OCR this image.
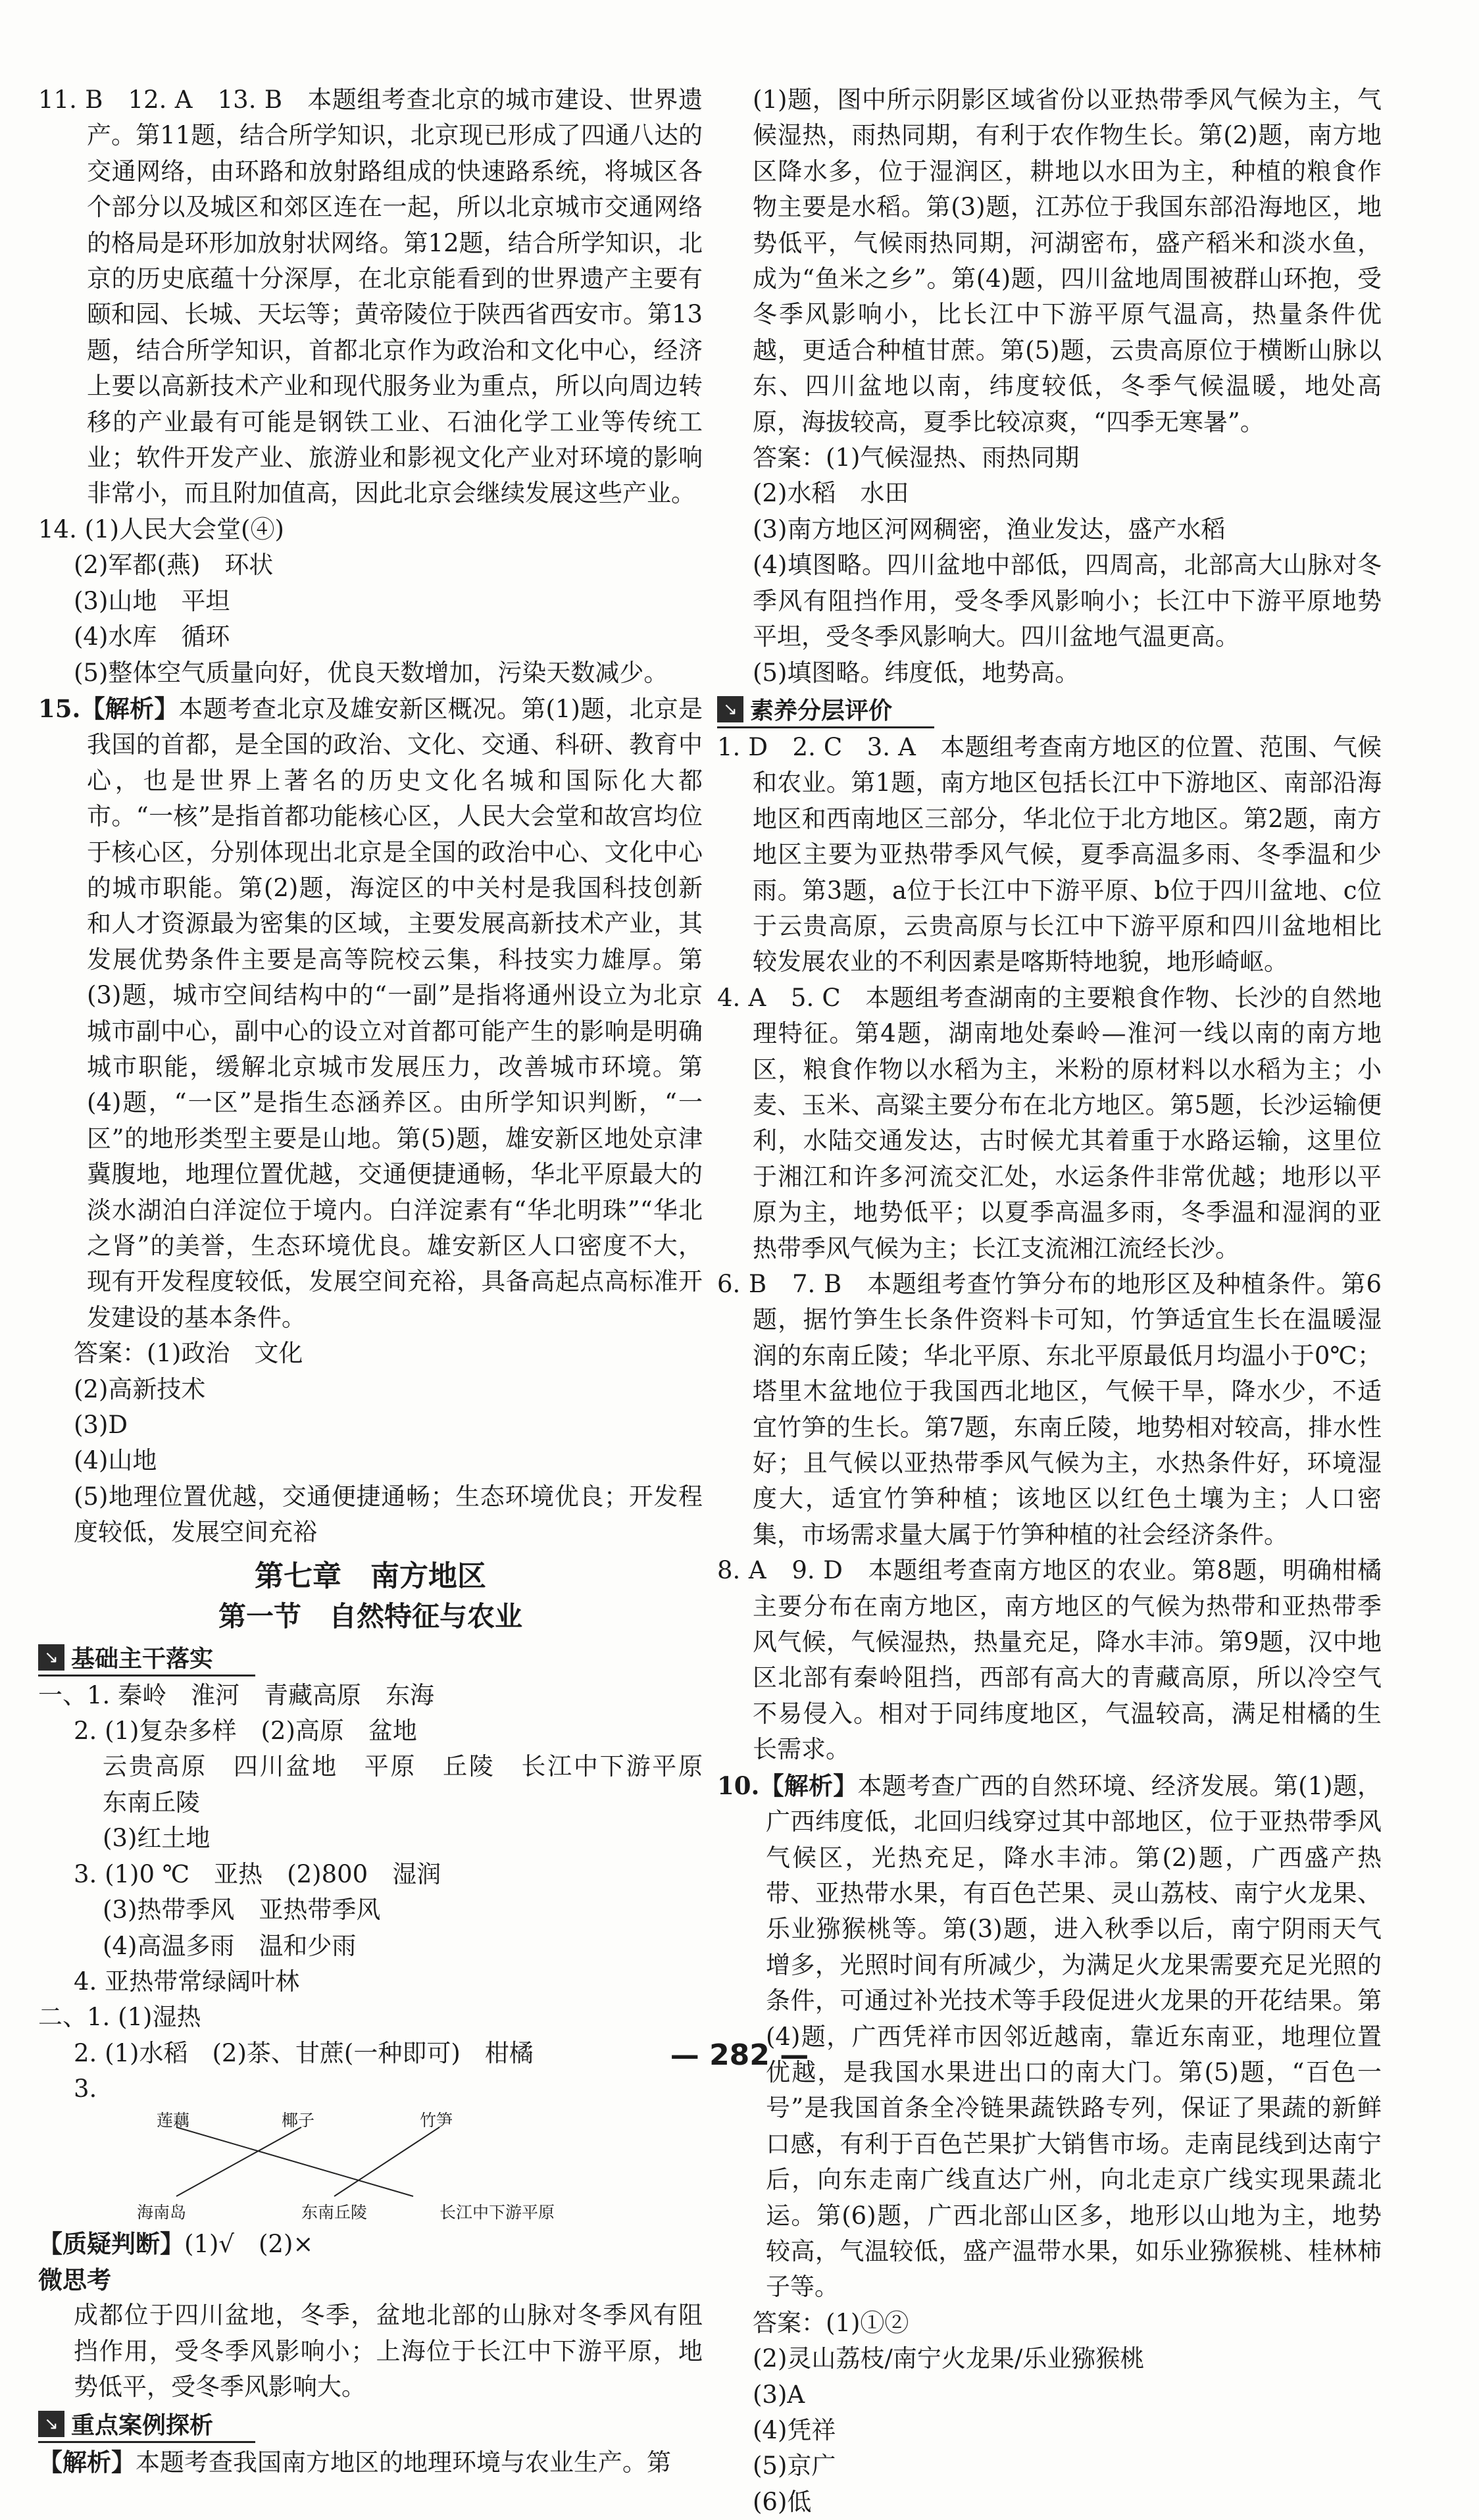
11. B　12. A　13. B　本题组考查北京的城市建设、世界遗产。第11题，结合所学知识，北京现已形成了四通八达的交通网络，由环路和放射路组成的快速路系统，将城区各个部分以及城区和郊区连在一起，所以北京城市交通网络的格局是环形加放射状网络。第12题，结合所学知识，北京的历史底蕴十分深厚，在北京能看到的世界遗产主要有颐和园、长城、天坛等；黄帝陵位于陕西省西安市。第13题，结合所学知识，首都北京作为政治和文化中心，经济上要以高新技术产业和现代服务业为重点，所以向周边转移的产业最有可能是钢铁工业、石油化学工业等传统工业；软件开发产业、旅游业和影视文化产业对环境的影响非常小，而且附加值高，因此北京会继续发展这些产业。

14. (1)人民大会堂(④)

(2)军都(燕)　环状

(3)山地　平坦

(4)水库　循环

(5)整体空气质量向好，优良天数增加，污染天数减少。

15.【解析】本题考查北京及雄安新区概况。第(1)题，北京是我国的首都，是全国的政治、文化、交通、科研、教育中心，也是世界上著名的历史文化名城和国际化大都市。“一核”是指首都功能核心区，人民大会堂和故宫均位于核心区，分别体现出北京是全国的政治中心、文化中心的城市职能。第(2)题，海淀区的中关村是我国科技创新和人才资源最为密集的区域，主要发展高新技术产业，其发展优势条件主要是高等院校云集，科技实力雄厚。第(3)题，城市空间结构中的“一副”是指将通州设立为北京城市副中心，副中心的设立对首都可能产生的影响是明确城市职能，缓解北京城市发展压力，改善城市环境。第(4)题，“一区”是指生态涵养区。由所学知识判断，“一区”的地形类型主要是山地。第(5)题，雄安新区地处京津冀腹地，地理位置优越，交通便捷通畅，华北平原最大的淡水湖泊白洋淀位于境内。白洋淀素有“华北明珠”“华北之肾”的美誉，生态环境优良。雄安新区人口密度不大，现有开发程度较低，发展空间充裕，具备高起点高标准开发建设的基本条件。

答案：(1)政治　文化

(2)高新技术

(3)D

(4)山地

(5)地理位置优越，交通便捷通畅；生态环境优良；开发程度较低，发展空间充裕

第七章　南方地区
第一节　自然特征与农业
↘ 基础主干落实

一、1. 秦岭　淮河　青藏高原　东海

2. (1)复杂多样　(2)高原　盆地

云贵高原　四川盆地　平原　丘陵　长江中下游平原　东南丘陵

(3)红土地

3. (1)0 ℃　亚热　(2)800　湿润

(3)热带季风　亚热带季风

(4)高温多雨　温和少雨

4. 亚热带常绿阔叶林

二、1. (1)湿热

2. (1)水稻　(2)茶、甘蔗(一种即可)　柑橘

3.

莲藕	椰子	竹笋
海南岛	东南丘陵	长江中下游平原

【质疑判断】(1)√　(2)×

微思考

成都位于四川盆地，冬季，盆地北部的山脉对冬季风有阻挡作用，受冬季风影响小；上海位于长江中下游平原，地势低平，受冬季风影响大。

↘ 重点案例探析

【解析】本题考查我国南方地区的地理环境与农业生产。第

(1)题，图中所示阴影区域省份以亚热带季风气候为主，气候湿热，雨热同期，有利于农作物生长。第(2)题，南方地区降水多，位于湿润区，耕地以水田为主，种植的粮食作物主要是水稻。第(3)题，江苏位于我国东部沿海地区，地势低平，气候雨热同期，河湖密布，盛产稻米和淡水鱼，成为“鱼米之乡”。第(4)题，四川盆地周围被群山环抱，受冬季风影响小，比长江中下游平原气温高，热量条件优越，更适合种植甘蔗。第(5)题，云贵高原位于横断山脉以东、四川盆地以南，纬度较低，冬季气候温暖，地处高原，海拔较高，夏季比较凉爽，“四季无寒暑”。

答案：(1)气候湿热、雨热同期

(2)水稻　水田

(3)南方地区河网稠密，渔业发达，盛产水稻

(4)填图略。四川盆地中部低，四周高，北部高大山脉对冬季风有阻挡作用，受冬季风影响小；长江中下游平原地势平坦，受冬季风影响大。四川盆地气温更高。

(5)填图略。纬度低，地势高。

↘ 素养分层评价

1. D　2. C　3. A　本题组考查南方地区的位置、范围、气候和农业。第1题，南方地区包括长江中下游地区、南部沿海地区和西南地区三部分，华北位于北方地区。第2题，南方地区主要为亚热带季风气候，夏季高温多雨、冬季温和少雨。第3题，a位于长江中下游平原、b位于四川盆地、c位于云贵高原，云贵高原与长江中下游平原和四川盆地相比较发展农业的不利因素是喀斯特地貌，地形崎岖。

4. A　5. C　本题组考查湖南的主要粮食作物、长沙的自然地理特征。第4题，湖南地处秦岭—淮河一线以南的南方地区，粮食作物以水稻为主，米粉的原材料以水稻为主；小麦、玉米、高粱主要分布在北方地区。第5题，长沙运输便利，水陆交通发达，古时候尤其着重于水路运输，这里位于湘江和许多河流交汇处，水运条件非常优越；地形以平原为主，地势低平；以夏季高温多雨，冬季温和湿润的亚热带季风气候为主；长江支流湘江流经长沙。

6. B　7. B　本题组考查竹笋分布的地形区及种植条件。第6题，据竹笋生长条件资料卡可知，竹笋适宜生长在温暖湿润的东南丘陵；华北平原、东北平原最低月均温小于0℃；塔里木盆地位于我国西北地区，气候干旱，降水少，不适宜竹笋的生长。第7题，东南丘陵，地势相对较高，排水性好；且气候以亚热带季风气候为主，水热条件好，环境湿度大，适宜竹笋种植；该地区以红色土壤为主；人口密集，市场需求量大属于竹笋种植的社会经济条件。

8. A　9. D　本题组考查南方地区的农业。第8题，明确柑橘主要分布在南方地区，南方地区的气候为热带和亚热带季风气候，气候湿热，热量充足，降水丰沛。第9题，汉中地区北部有秦岭阻挡，西部有高大的青藏高原，所以冷空气不易侵入。相对于同纬度地区，气温较高，满足柑橘的生长需求。

10.【解析】本题考查广西的自然环境、经济发展。第(1)题，广西纬度低，北回归线穿过其中部地区，位于亚热带季风气候区，光热充足，降水丰沛。第(2)题，广西盛产热带、亚热带水果，有百色芒果、灵山荔枝、南宁火龙果、乐业猕猴桃等。第(3)题，进入秋季以后，南宁阴雨天气增多，光照时间有所减少，为满足火龙果需要充足光照的条件，可通过补光技术等手段促进火龙果的开花结果。第(4)题，广西凭祥市因邻近越南，靠近东南亚，地理位置优越，是我国水果进出口的南大门。第(5)题，“百色一号”是我国首条全冷链果蔬铁路专列，保证了果蔬的新鲜口感，有利于百色芒果扩大销售市场。走南昆线到达南宁后，向东走南广线直达广州，向北走京广线实现果蔬北运。第(6)题，广西北部山区多，地形以山地为主，地势较高，气温较低，盛产温带水果，如乐业猕猴桃、桂林柿子等。

答案：(1)①②

(2)灵山荔枝/南宁火龙果/乐业猕猴桃

(3)A

(4)凭祥

(5)京广

(6)低

— 282 —
